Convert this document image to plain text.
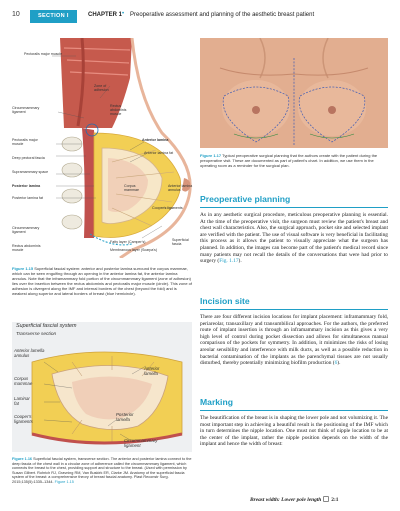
10	SECTION I	CHAPTER 1 • Preoperative assessment and planning of the aesthetic breast patient
Pectoralis major muscle
Zone of
adhesion
Rectus
abdominis
muscle
Circummammary
ligament
Anterior lamina
Anterior lamina fat
Pectoralis major
muscle
Deep pectoral fascia
Supramammary space
Posterior lamina
Posterior lamina fat
Corpus
mammae
Anterior lamina
annulus
Cooper's ligaments
Circummammary
ligament
Fatty layer (Camper's)
Membranous layer (Scarpa's)
Superficial
fascia
Rectus abdominis
muscle
Figure 1.15 Superficial fascial system: anterior and posterior lamina surround the corpus mammae, which can be seen engulfing through an opening in the anterior lamina fat, the anterior lamina annulus. Note that the inframammary fold portion of the circummammary ligament (zone of adhesion) lies over the insertion between the rectus abdominis and pectoralis major muscle (circle). This zone of adhesion is divergent along the IMF and internal borders of the chest (beyond the fold) and is weakest along superior and lateral borders of breast (blue hemicircle).
Superficial fascial system
Transverse section
Anterior lamella
annulus
Anterior
lamella
Corpus
mammae
Laminar
fat
Cooper's
ligaments
Posterior
lamella
Circummammary
ligament
Figure 1.16 Superficial fascial system, transverse section. The anterior and posterior lamina connect to the deep fascia of the chest wall in a circular zone of adherence called the circummammary ligament, which connects the breast to the chest, providing support and structure to the breast. (Used with permission by Susan Gilbert. Rohrich RJ, Gravning RM, Van Buskirk ER, Clarke JM. Anatomy of the superficial fascia system of the breast: a comprehensive theory of breast fascial anatomy. Plast Reconstr Surg. 2015;135(5):1335–1344. Figure 1.15
Figure 1.17 Typical preoperative surgical planning that the authors create with the patient during the preoperative visit. These are documented as part of patient's chart. In addition, we use them in the operating room as a reminder for the surgical plan.
Preoperative planning
As in any aesthetic surgical procedure, meticulous preoperative planning is essential. At the time of the preoperative visit, the surgeon must review the patient's breast and chest wall characteristics. Also, the surgical approach, pocket site and selected implant are verified with the patient. The use of visual software is very beneficial in facilitating this process as it allows the patient to visually appreciate what the surgeon has planned. In addition, the images can become part of the patient's medical record since many patients may not recall the details of the conversations that were had prior to surgery (Fig. 1.17).
Incision site
There are four different incision locations for implant placement: inframammary fold, periareolar, transaxillary and transumbilical approaches. For the authors, the preferred route of implant insertion is through an inframammary incision as this gives a very high level of control during pocket dissection and allows for simultaneous manual comparison of the pockets for symmetry. In addition, it minimizes the risks of losing areolar sensibility and interference with milk ducts, as well as a possible reduction in bacterial contamination of the implants as the parenchymal tissues are not usually disturbed, thereby potentially minimizing biofilm production (6).
Marking
The beautification of the breast is in shaping the lower pole and not volumizing it. The most important step in achieving a beautiful result is the positioning of the IMF which in turn determines the nipple location. One must not think of nipple location to be at the center of the implant, rather the nipple position depends on the width of the implant and hence the width of breast:
Breast width: Lower pole length 2:1
